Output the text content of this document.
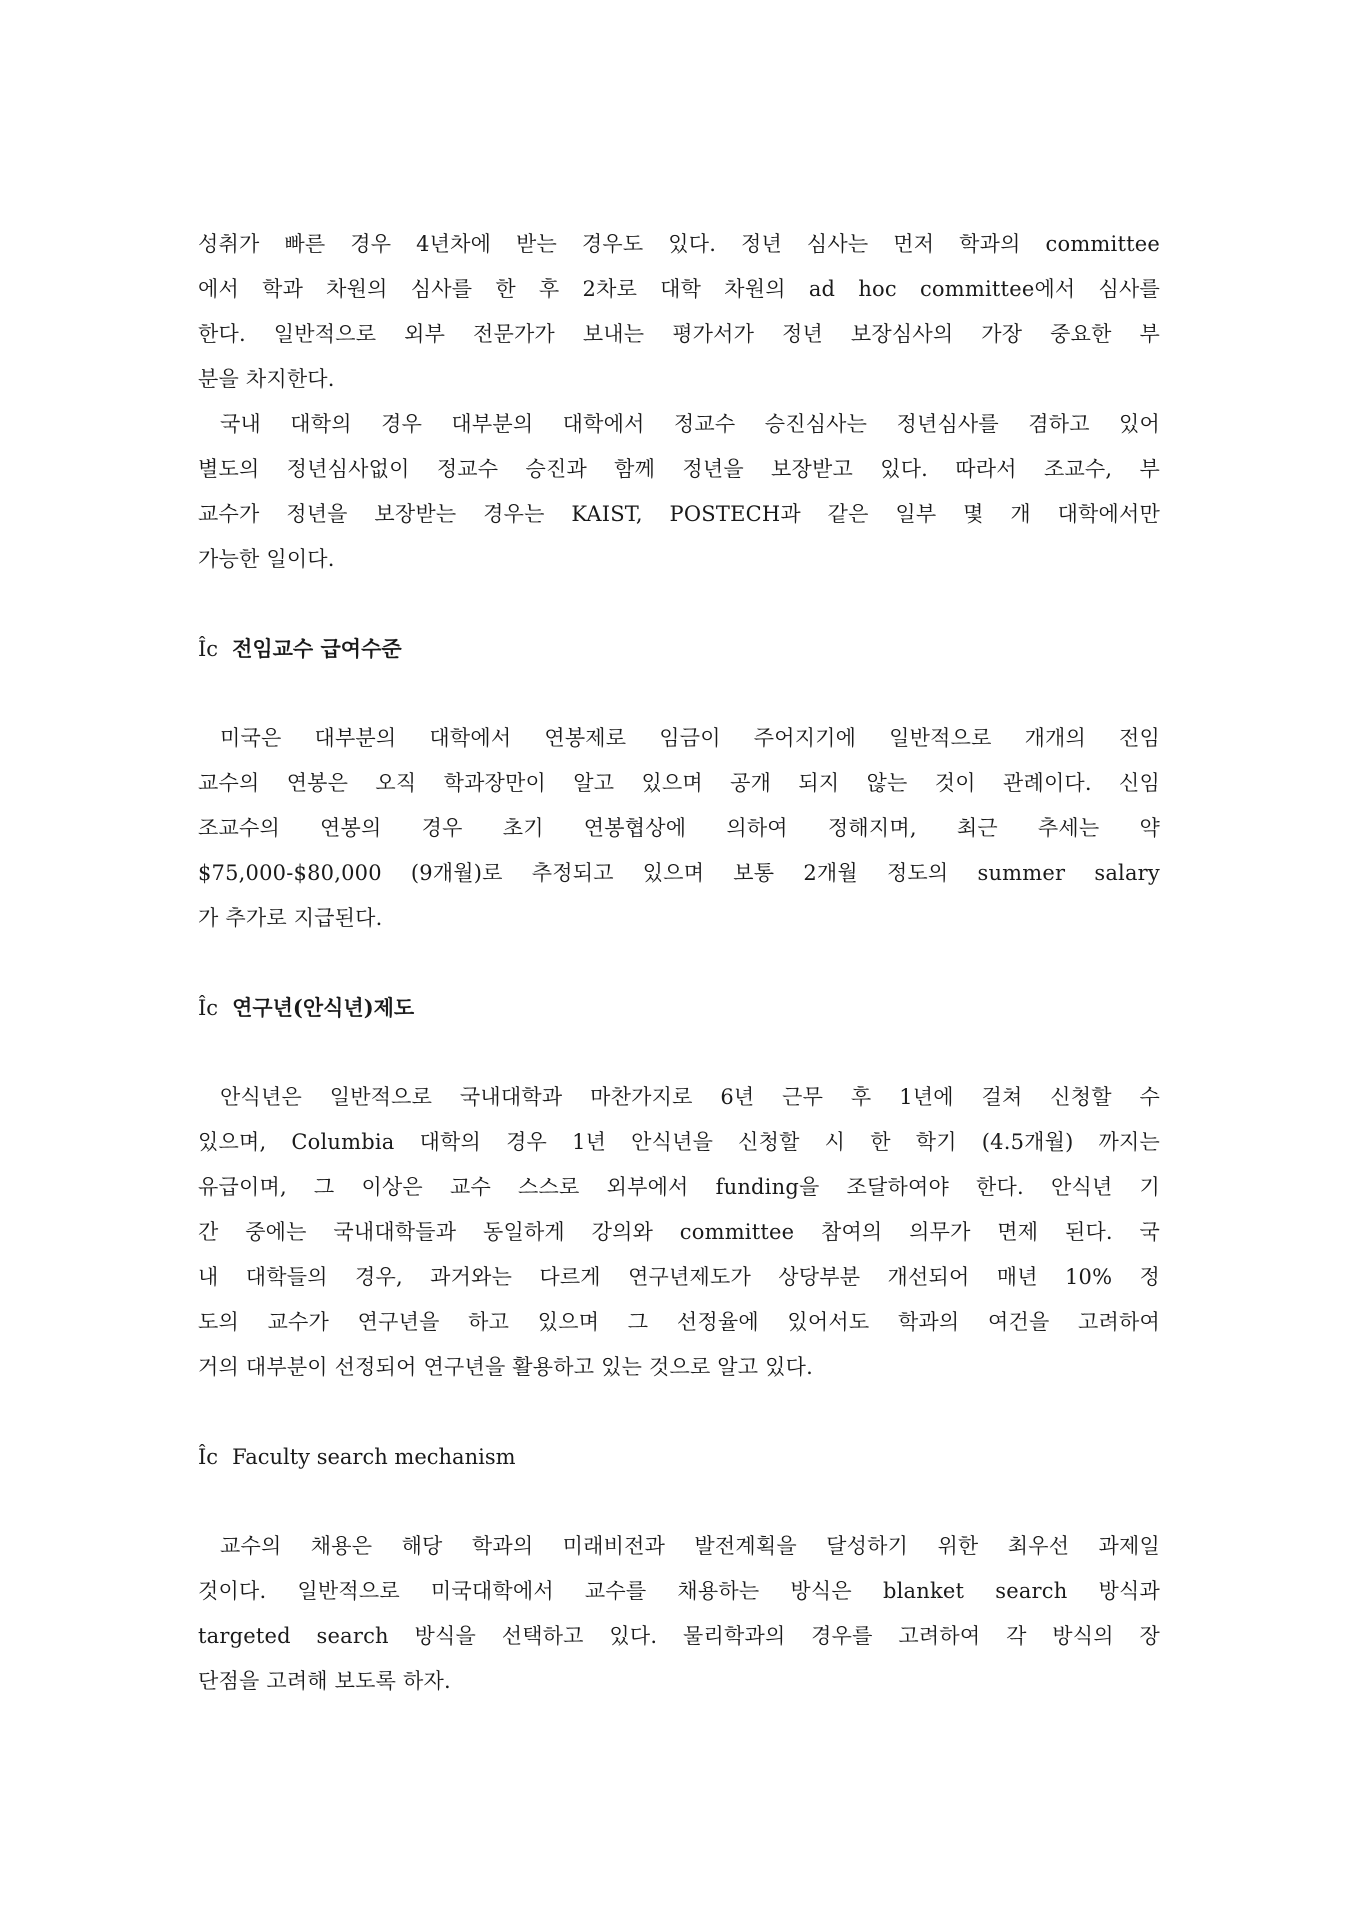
성취가 빠른 경우 4년차에 받는 경우도 있다. 정년 심사는 먼저 학과의 committee

에서 학과 차원의 심사를 한 후 2차로 대학 차원의 ad hoc committee에서 심사를

한다. 일반적으로 외부 전문가가 보내는 평가서가 정년 보장심사의 가장 중요한 부

분을 차지한다.

국내 대학의 경우 대부분의 대학에서 정교수 승진심사는 정년심사를 겸하고 있어

별도의 정년심사없이 정교수 승진과 함께 정년을 보장받고 있다. 따라서 조교수, 부

교수가 정년을 보장받는 경우는 KAIST, POSTECH과 같은 일부 몇 개 대학에서만

가능한 일이다.

Îc 전임교수 급여수준

미국은 대부분의 대학에서 연봉제로 임금이 주어지기에 일반적으로 개개의 전임

교수의 연봉은 오직 학과장만이 알고 있으며 공개 되지 않는 것이 관례이다. 신임

조교수의 연봉의 경우 초기 연봉협상에 의하여 정해지며, 최근 추세는 약

$75,000-$80,000 (9개월)로 추정되고 있으며 보통 2개월 정도의 summer salary

가 추가로 지급된다.

Îc 연구년(안식년)제도

안식년은 일반적으로 국내대학과 마찬가지로 6년 근무 후 1년에 걸쳐 신청할 수

있으며, Columbia 대학의 경우 1년 안식년을 신청할 시 한 학기 (4.5개월) 까지는

유급이며, 그 이상은 교수 스스로 외부에서 funding을 조달하여야 한다. 안식년 기

간 중에는 국내대학들과 동일하게 강의와 committee 참여의 의무가 면제 된다. 국

내 대학들의 경우, 과거와는 다르게 연구년제도가 상당부분 개선되어 매년 10% 정

도의 교수가 연구년을 하고 있으며 그 선정율에 있어서도 학과의 여건을 고려하여

거의 대부분이 선정되어 연구년을 활용하고 있는 것으로 알고 있다.

Îc Faculty search mechanism

교수의 채용은 해당 학과의 미래비전과 발전계획을 달성하기 위한 최우선 과제일

것이다. 일반적으로 미국대학에서 교수를 채용하는 방식은 blanket search 방식과

targeted search 방식을 선택하고 있다. 물리학과의 경우를 고려하여 각 방식의 장

단점을 고려해 보도록 하자.
